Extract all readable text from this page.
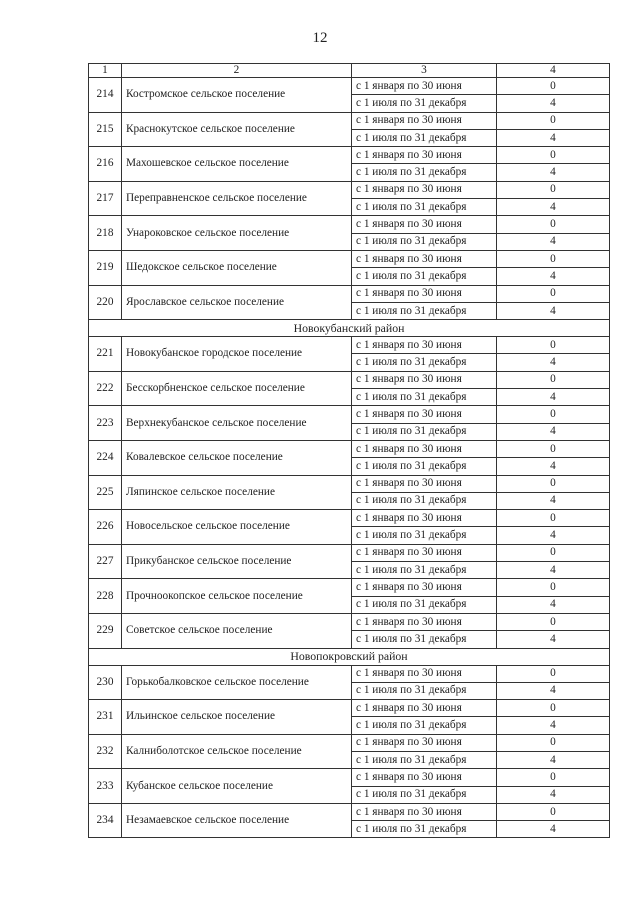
12
1	2	3	4
214	Костромское сельское поселение	с 1 января по 30 июня	0
		с 1 июля по 31 декабря	4
215	Краснокутское сельское поселение	с 1 января по 30 июня	0
		с 1 июля по 31 декабря	4
216	Махошевское сельское поселение	с 1 января по 30 июня	0
		с 1 июля по 31 декабря	4
217	Переправненское сельское поселение	с 1 января по 30 июня	0
		с 1 июля по 31 декабря	4
218	Унароковское сельское поселение	с 1 января по 30 июня	0
		с 1 июля по 31 декабря	4
219	Шедокское сельское поселение	с 1 января по 30 июня	0
		с 1 июля по 31 декабря	4
220	Ярославское сельское поселение	с 1 января по 30 июня	0
		с 1 июля по 31 декабря	4
Новокубанский район			
221	Новокубанское городское поселение	с 1 января по 30 июня	0
		с 1 июля по 31 декабря	4
222	Бесскорбненское сельское поселение	с 1 января по 30 июня	0
		с 1 июля по 31 декабря	4
223	Верхнекубанское сельское поселение	с 1 января по 30 июня	0
		с 1 июля по 31 декабря	4
224	Ковалевское сельское поселение	с 1 января по 30 июня	0
		с 1 июля по 31 декабря	4
225	Ляпинское сельское поселение	с 1 января по 30 июня	0
		с 1 июля по 31 декабря	4
226	Новосельское сельское поселение	с 1 января по 30 июня	0
		с 1 июля по 31 декабря	4
227	Прикубанское сельское поселение	с 1 января по 30 июня	0
		с 1 июля по 31 декабря	4
228	Прочноокопское сельское поселение	с 1 января по 30 июня	0
		с 1 июля по 31 декабря	4
229	Советское сельское поселение	с 1 января по 30 июня	0
		с 1 июля по 31 декабря	4
Новопокровский район			
230	Горькобалковское сельское поселение	с 1 января по 30 июня	0
		с 1 июля по 31 декабря	4
231	Ильинское сельское поселение	с 1 января по 30 июня	0
		с 1 июля по 31 декабря	4
232	Калниболотское сельское поселение	с 1 января по 30 июня	0
		с 1 июля по 31 декабря	4
233	Кубанское сельское поселение	с 1 января по 30 июня	0
		с 1 июля по 31 декабря	4
234	Незамаевское сельское поселение	с 1 января по 30 июня	0
		с 1 июля по 31 декабря	4
